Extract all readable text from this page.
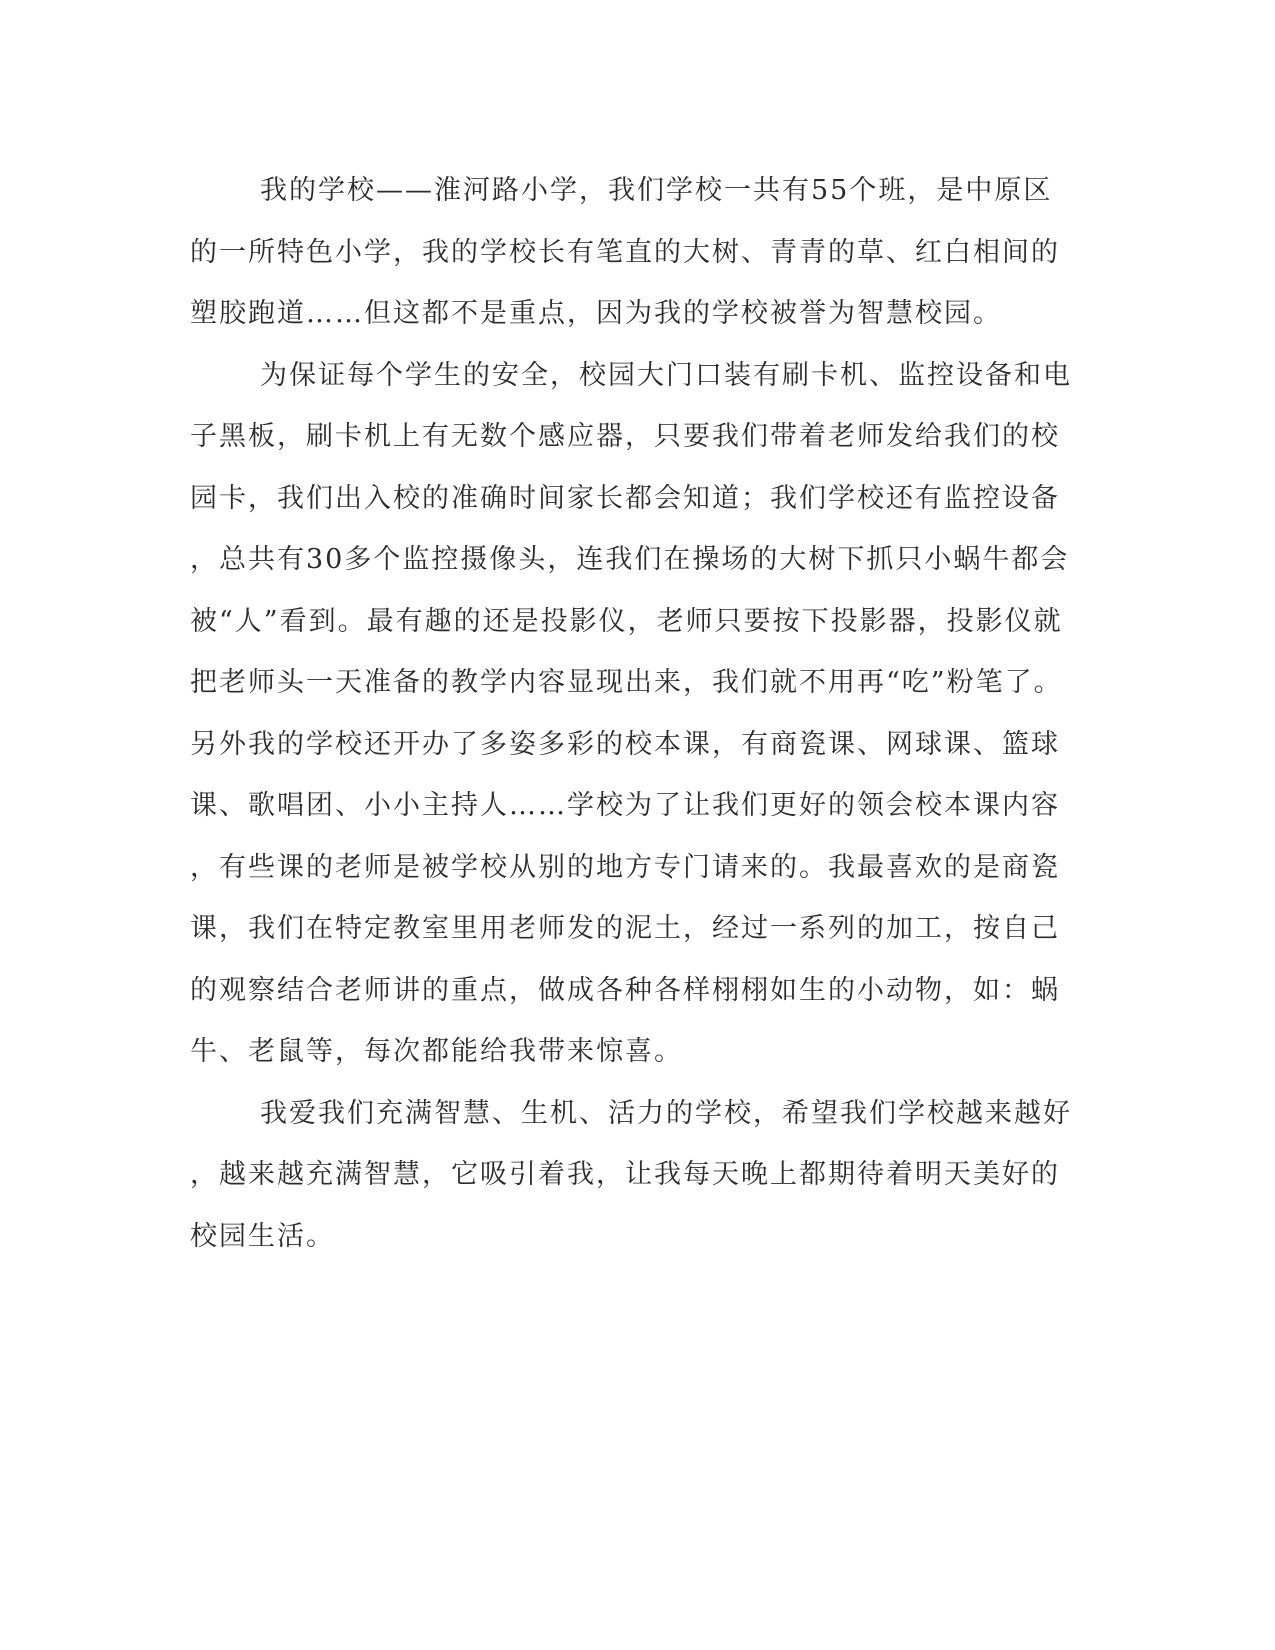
我的学校——淮河路小学，我们学校一共有55个班，是中原区
的一所特色小学，我的学校长有笔直的大树、青青的草、红白相间的
塑胶跑道……但这都不是重点，因为我的学校被誉为智慧校园。
为保证每个学生的安全，校园大门口装有刷卡机、监控设备和电
子黑板，刷卡机上有无数个感应器，只要我们带着老师发给我们的校
园卡，我们出入校的准确时间家长都会知道；我们学校还有监控设备
，总共有30多个监控摄像头，连我们在操场的大树下抓只小蜗牛都会
被“人”看到。最有趣的还是投影仪，老师只要按下投影器，投影仪就
把老师头一天准备的教学内容显现出来，我们就不用再“吃”粉笔了。
另外我的学校还开办了多姿多彩的校本课，有商瓷课、网球课、篮球
课、歌唱团、小小主持人……学校为了让我们更好的领会校本课内容
，有些课的老师是被学校从别的地方专门请来的。我最喜欢的是商瓷
课，我们在特定教室里用老师发的泥土，经过一系列的加工，按自己
的观察结合老师讲的重点，做成各种各样栩栩如生的小动物，如：蜗
牛、老鼠等，每次都能给我带来惊喜。
我爱我们充满智慧、生机、活力的学校，希望我们学校越来越好
，越来越充满智慧，它吸引着我，让我每天晚上都期待着明天美好的
校园生活。
